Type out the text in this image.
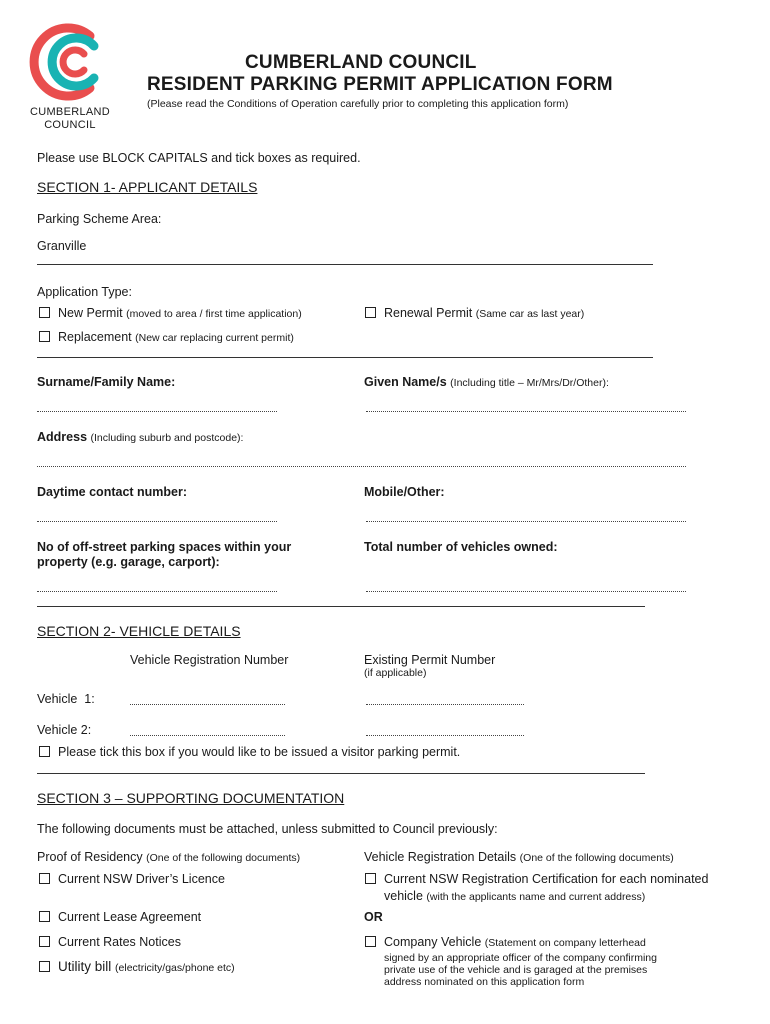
CUMBERLAND
COUNCIL
CUMBERLAND COUNCIL
RESIDENT PARKING PERMIT APPLICATION FORM
(Please read the Conditions of Operation carefully prior to completing this application form)
Please use BLOCK CAPITALS and tick boxes as required.
SECTION 1- APPLICANT DETAILS
Parking Scheme Area:
Granville
Application Type:
New Permit (moved to area / first time application)	Renewal Permit (Same car as last year)
Replacement (New car replacing current permit)
Surname/Family Name:	Given Name/s (Including title – Mr/Mrs/Dr/Other):
Address (Including suburb and postcode):
Daytime contact number:	Mobile/Other:
No of off-street parking spaces within your
property (e.g. garage, carport):
Total number of vehicles owned:
SECTION 2- VEHICLE DETAILS
Vehicle Registration Number	Existing Permit Number
(if applicable)
Vehicle  1:
Vehicle 2:
Please tick this box if you would like to be issued a visitor parking permit.
SECTION 3 – SUPPORTING DOCUMENTATION
The following documents must be attached, unless submitted to Council previously:
Proof of Residency (One of the following documents)	Vehicle Registration Details (One of the following documents)
Current NSW Driver’s Licence	Current NSW Registration Certification for each nominated
vehicle (with the applicants name and current address)
Current Lease Agreement	OR
Current Rates Notices	Company Vehicle (Statement on company letterhead
signed by an appropriate officer of the company confirming
private use of the vehicle and is garaged at the premises
address nominated on this application form
Utility bill (electricity/gas/phone etc)
